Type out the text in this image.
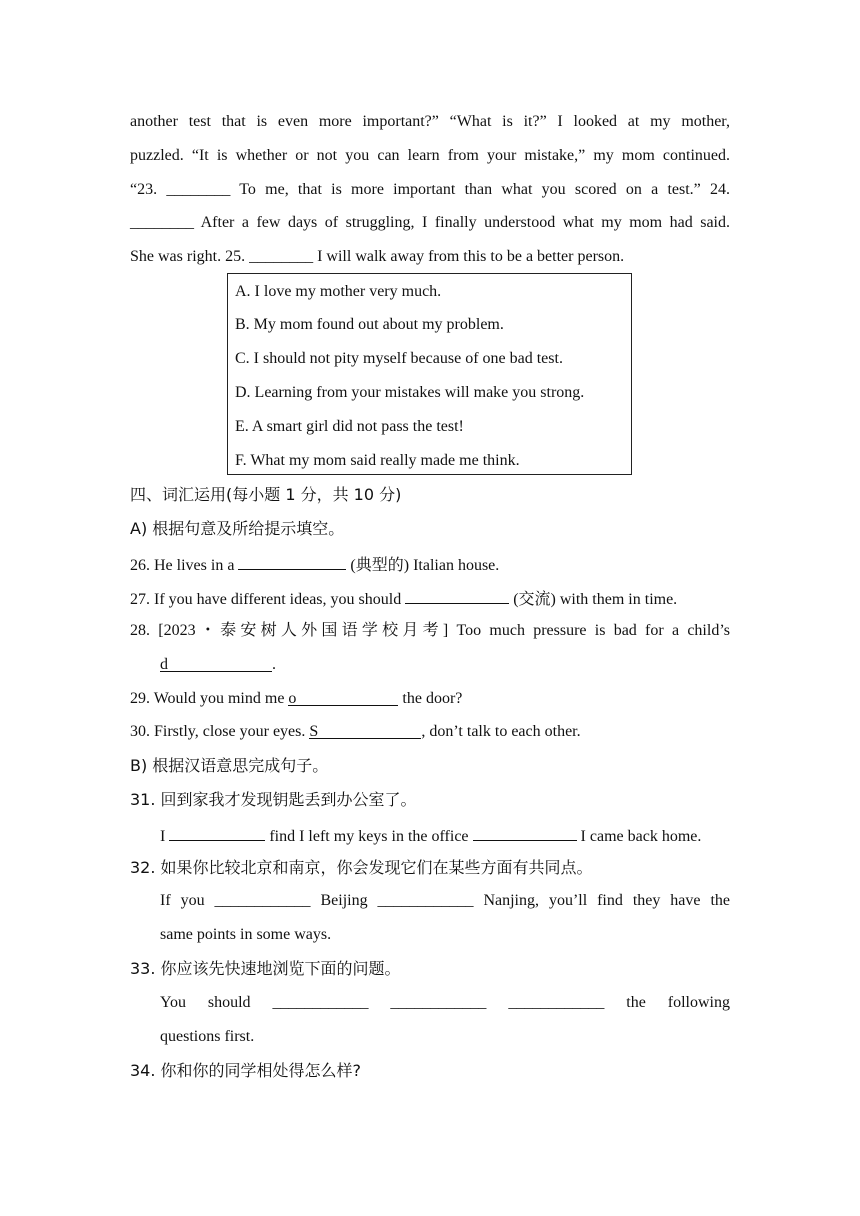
another test that is even more important?” “What is it?” I looked at my mother,
puzzled. “It is whether or not you can learn from your mistake,” my mom continued.
“23. ________ To me, that is more important than what you scored on a test.” 24.
________ After a few days of struggling, I finally understood what my mom had said.
She was right. 25. ________ I will walk away from this to be a better person.
A. I love my mother very much.
B. My mom found out about my problem.
C. I should not pity myself because of one bad test.
D. Learning from your mistakes will make you strong.
E. A smart girl did not pass the test!
F. What my mom said really made me think.
四、词汇运用(每小题 1 分，共 10 分)
A) 根据句意及所给提示填空。
26. He lives in a	(典型的) Italian house.
27. If you have different ideas, you should	(交流) with them in time.
28. [2023・泰安树人外国语学校月考] Too much pressure is bad for a child’s
d	.
29. Would you mind me o	the door?
30. Firstly, close your eyes. S	, don’t talk to each other.
B) 根据汉语意思完成句子。
31. 回到家我才发现钥匙丢到办公室了。
I	find I left my keys in the office	I came back home.
32. 如果你比较北京和南京，你会发现它们在某些方面有共同点。
If you ____________ Beijing ____________ Nanjing, you’ll find they have the
same points in some ways.
33. 你应该先快速地浏览下面的问题。
You should ____________ ____________ ____________ the following
questions first.
34. 你和你的同学相处得怎么样?
